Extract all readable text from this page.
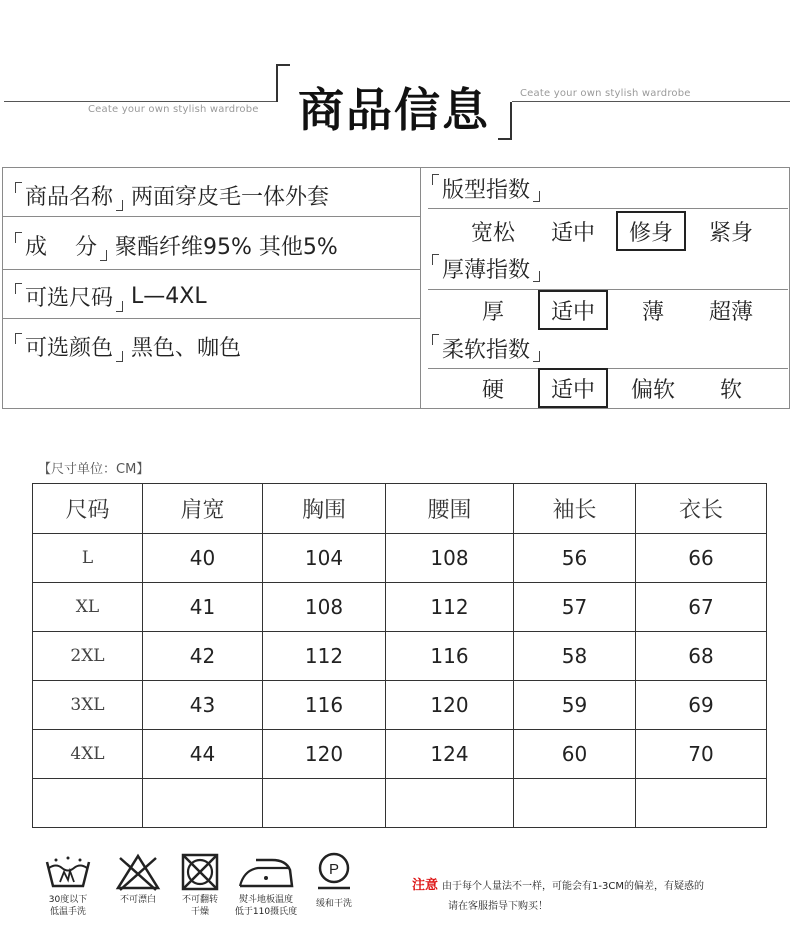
Ceate your own stylish wardrobe
Ceate your own stylish wardrobe
商品信息
商品名称 两面穿皮毛一体外套
成    分 聚酯纤维95% 其他5%
可选尺码 L—4XL
可选颜色 黑色、咖色
版型指数
宽松	适中	修身	紧身
厚薄指数
厚	适中	薄	超薄
柔软指数
硬	适中	偏软	软
【尺寸单位：CM】
尺码	肩宽	胸围	腰围	袖长	衣长
L	40	104	108	56	66
XL	41	108	112	57	67
2XL	42	112	116	58	68
3XL	43	116	120	59	69
4XL	44	120	124	60	70

30度以下
低温手洗
不可漂白	不可翻转
干燥
熨斗地板温度
低于110摄氏度
P
缓和干洗
注意 由于每个人量法不一样，可能会有1-3CM的偏差，有疑惑的
请在客服指导下购买！
